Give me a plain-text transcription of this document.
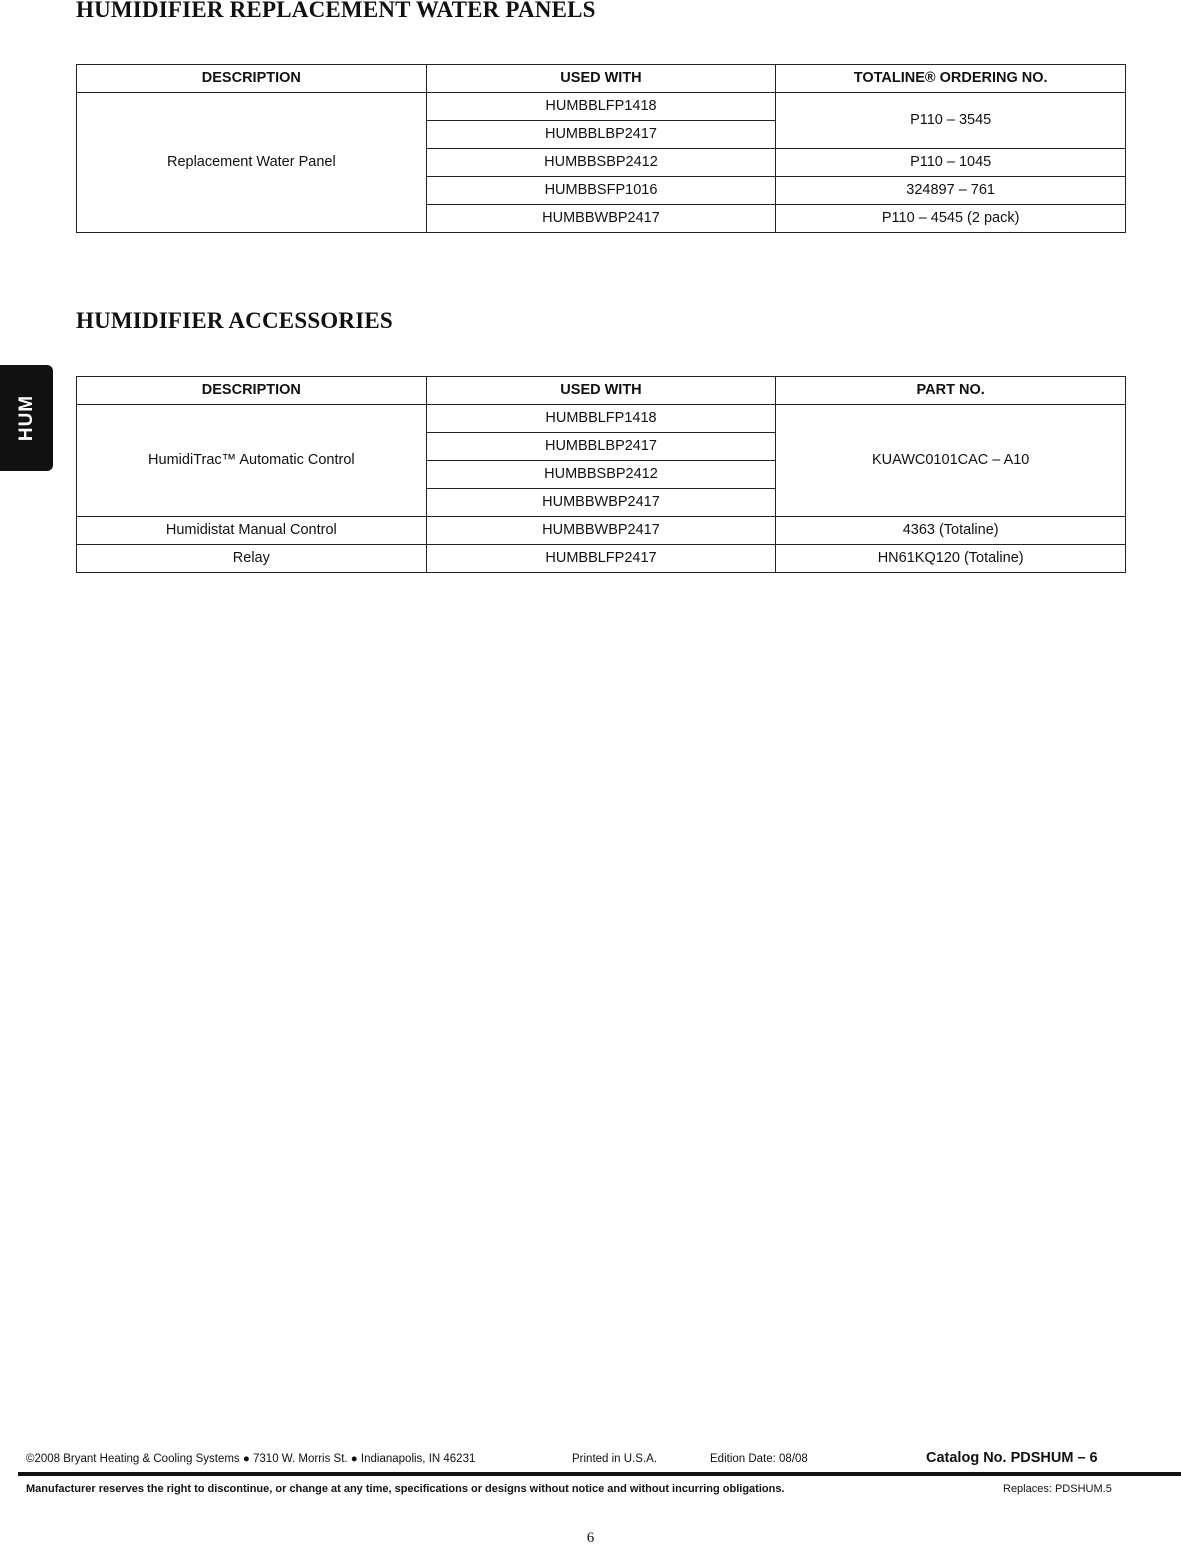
HUMIDIFIER REPLACEMENT WATER PANELS
DESCRIPTION	USED WITH	TOTALINE® ORDERING NO.
Replacement Water Panel	HUMBBLFP1418	P110 – 3545
	HUMBBLBP2417	
	HUMBBSBP2412	P110 – 1045
	HUMBBSFP1016	324897 – 761
	HUMBBWBP2417	P110 – 4545 (2 pack)
HUMIDIFIER ACCESSORIES
DESCRIPTION	USED WITH	PART NO.
HumidiTrac™ Automatic Control	HUMBBLFP1418	KUAWC0101CAC – A10
	HUMBBLBP2417	
	HUMBBSBP2412	
	HUMBBWBP2417	
Humidistat Manual Control	HUMBBWBP2417	4363 (Totaline)
Relay	HUMBBLFP2417	HN61KQ120 (Totaline)
HUM
©2008 Bryant Heating & Cooling Systems ● 7310 W. Morris St. ● Indianapolis, IN 46231	Printed in U.S.A.	Edition Date: 08/08	Catalog No. PDSHUM – 6
Manufacturer reserves the right to discontinue, or change at any time, specifications or designs without notice and without incurring obligations.	Replaces: PDSHUM.5
6
